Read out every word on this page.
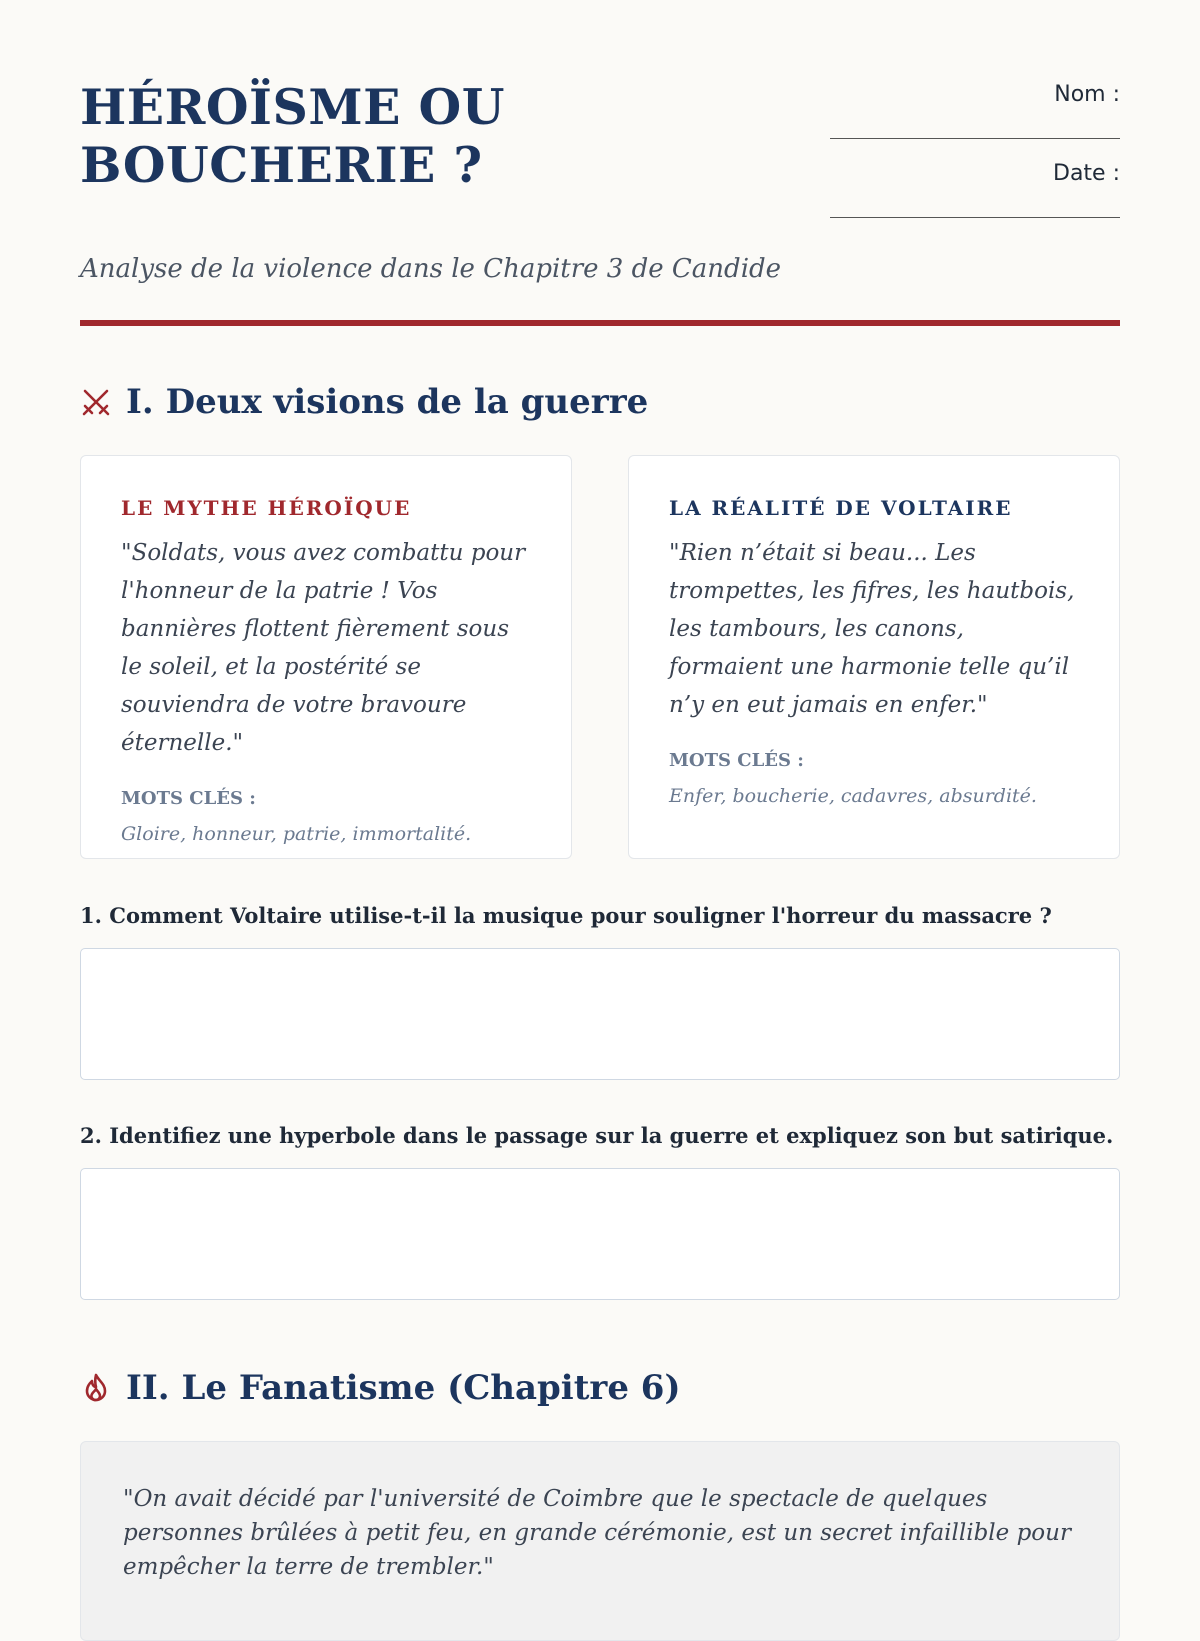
HÉROÏSME OU BOUCHERIE ?
Nom :
Date :

Analyse de la violence dans le Chapitre 3 de Candide

I. Deux visions de la guerre

LE MYTHE HÉROÏQUE

"Soldats, vous avez combattu pour l'honneur de la patrie ! Vos bannières flottent fièrement sous le soleil, et la postérité se souviendra de votre bravoure éternelle."

MOTS CLÉS :

Gloire, honneur, patrie, immortalité.

LA RÉALITÉ DE VOLTAIRE

"Rien n’était si beau... Les trompettes, les fifres, les hautbois, les tambours, les canons, formaient une harmonie telle qu’il n’y en eut jamais en enfer."

MOTS CLÉS :

Enfer, boucherie, cadavres, absurdité.

1. Comment Voltaire utilise-t-il la musique pour souligner l'horreur du massacre ?

2. Identifiez une hyperbole dans le passage sur la guerre et expliquez son but satirique.

II. Le Fanatisme (Chapitre 6)

"On avait décidé par l'université de Coimbre que le spectacle de quelques personnes brûlées à petit feu, en grande cérémonie, est un secret infaillible pour empêcher la terre de trembler."
